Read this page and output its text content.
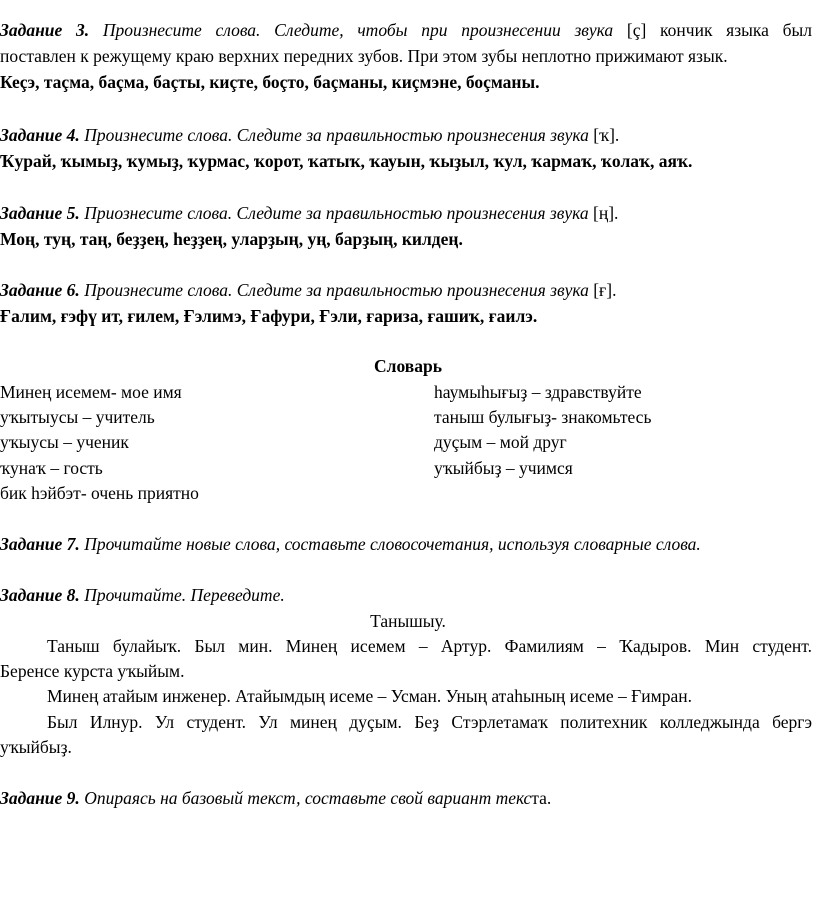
Задание 3. Произнесите слова. Следите, чтобы при произнесении звука [ç] кончик языка был
поставлен к режущему краю верхних передних зубов. При этом зубы неплотно прижимают язык.
Кеçэ, таçма, баçма, баçты, киçте, боçто, баçманы, киçмэне, боçманы.
Задание 4. Произнесите слова. Следите за правильностью произнесения звука [ҡ].
Ҡурай, ҡымыҙ, ҡумыҙ, ҡурмас, ҡорот, ҡатыҡ, ҡауын, ҡыҙыл, ҡул, ҡармаҡ, ҡолаҡ, аяҡ.
Задание 5. Приознесите слова. Следите за правильностью произнесения звука [ң].
Моң, туң, таң, беҙҙең, һеҙҙең, уларҙың, уң, барҙың, килдең.
Задание 6. Произнесите слова. Следите за правильностью произнесения звука [ғ].
Ғалим, ғэфү ит, ғилем, Ғэлимэ, Ғафури, Ғэли, ғариза, ғашиҡ, ғаилэ.
Словарь
Минең исемем- мое имя
уҡытыусы – учитель
уҡыусы – ученик
ҡунаҡ – гость
бик һэйбэт- очень приятно
һаумыһығыҙ – здравствуйте
таныш булығыҙ- знакомьтесь
дуçым – мой друг
уҡыйбыҙ – учимся
Задание 7. Прочитайте новые слова, составьте словосочетания, используя словарные слова.
Задание 8. Прочитайте. Переведите.
Танышыу.
Таныш булайыҡ. Был мин. Минең исемем – Артур. Фамилиям – Ҡадыров. Мин студент.
Беренсе курста уҡыйым.
Минең атайым инженер. Атайымдың исеме – Усман. Уның атаһының исеме – Ғимран.
Был Илнур. Ул студент. Ул минең дуçым. Беҙ Стэрлетамаҡ политехник колледжында бергэ
уҡыйбыҙ.
Задание 9. Опираясь на базовый текст, составьте свой вариант текста.
